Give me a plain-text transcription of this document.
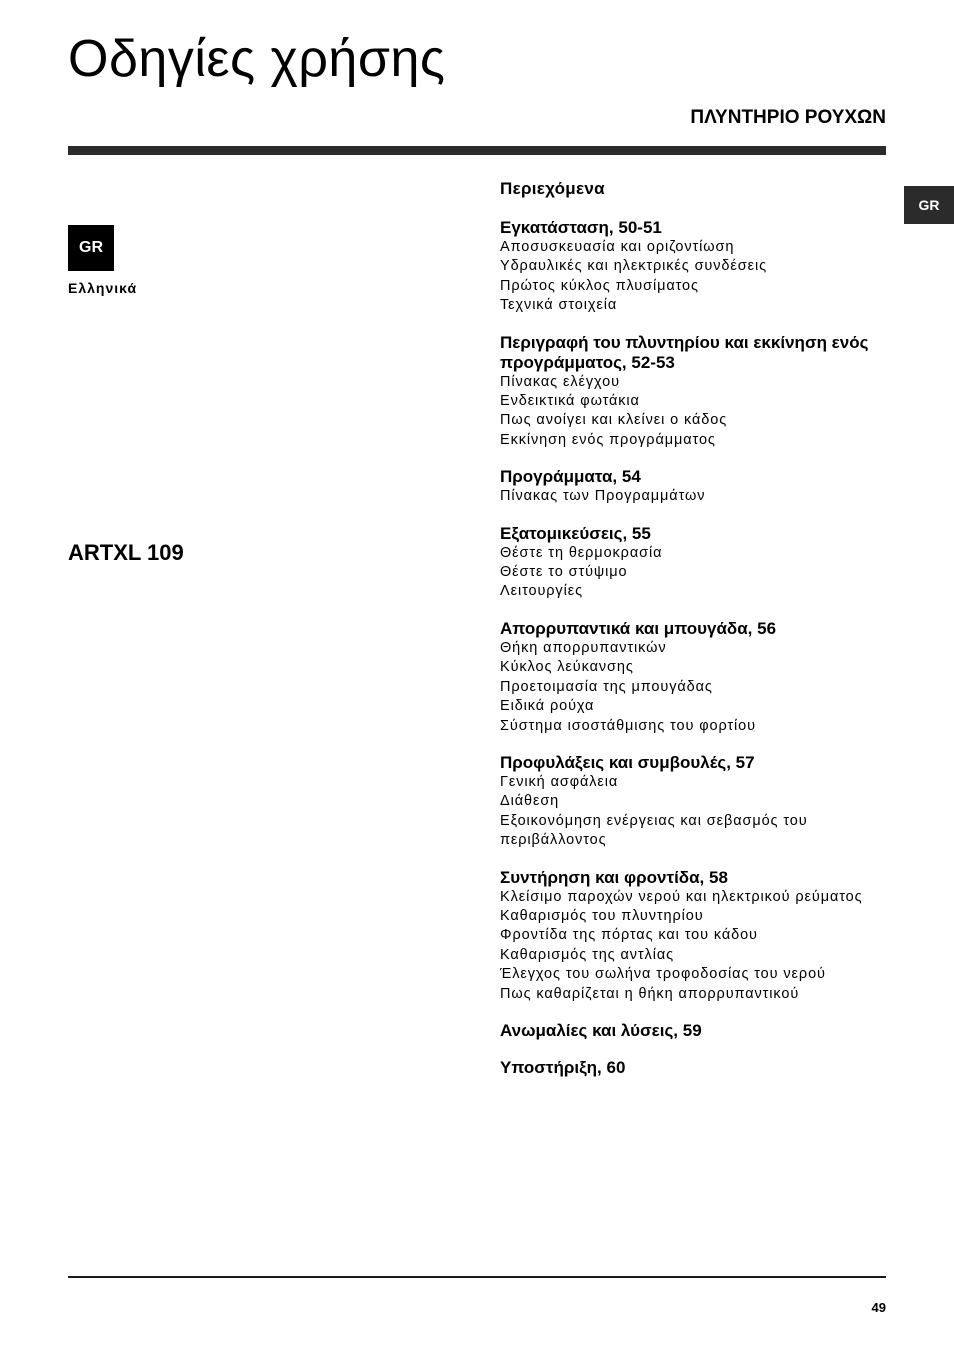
Οδηγίες χρήσης
ΠΛΥΝΤΗΡΙΟ ΡΟΥΧΩΝ
GR
GR
Ελληνικά
ARTXL 109
Περιεχόμενα
Εγκατάσταση, 50-51
Αποσυσκευασία και οριζοντίωση
Υδραυλικές και ηλεκτρικές συνδέσεις
Πρώτος κύκλος πλυσίματος
Τεχνικά στοιχεία
Περιγραφή του πλυντηρίου και εκκίνηση ενός προγράμματος, 52-53
Πίνακας ελέγχου
Ενδεικτικά φωτάκια
Πως ανοίγει και κλείνει ο κάδος
Εκκίνηση ενός προγράμματος
Προγράμματα, 54
Πίνακας των Προγραμμάτων
Εξατομικεύσεις, 55
Θέστε τη θερμοκρασία
Θέστε το στύψιμο
Λειτουργίες
Απορρυπαντικά και μπουγάδα, 56
Θήκη απορρυπαντικών
Κύκλος λεύκανσης
Προετοιμασία της μπουγάδας
Ειδικά ρούχα
Σύστημα ισοστάθμισης του φορτίου
Προφυλάξεις και συμβουλές, 57
Γενική ασφάλεια
Διάθεση
Εξοικονόμηση ενέργειας και σεβασμός του περιβάλλοντος
Συντήρηση και φροντίδα, 58
Κλείσιμο παροχών νερού και ηλεκτρικού ρεύματος
Καθαρισμός του πλυντηρίου
Φροντίδα της πόρτας και του κάδου
Καθαρισμός της αντλίας
Έλεγχος του σωλήνα τροφοδοσίας του νερού
Πως καθαρίζεται η θήκη απορρυπαντικού
Ανωμαλίες και λύσεις, 59
Υποστήριξη, 60
49
